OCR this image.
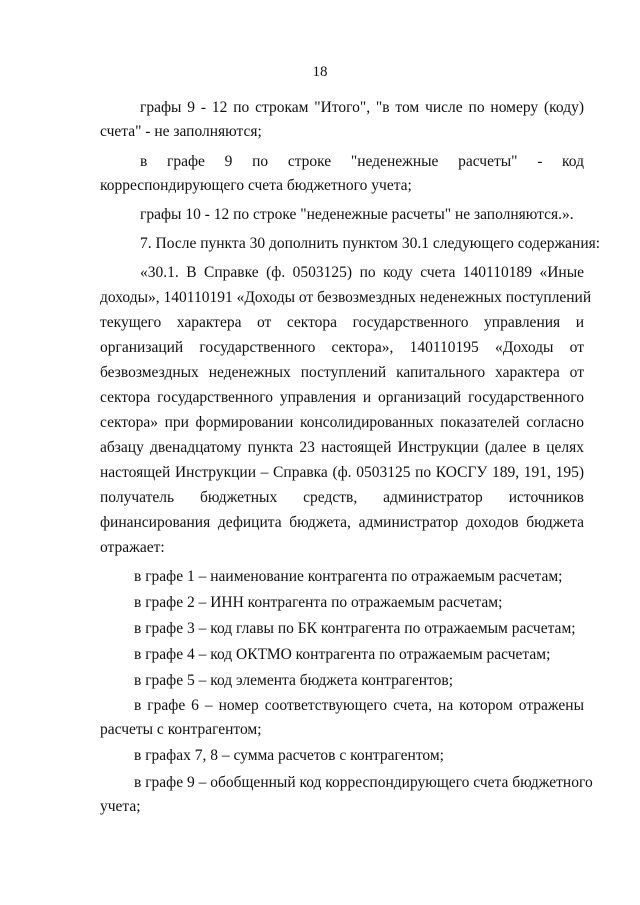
18
графы 9 - 12 по строкам "Итого", "в том числе по номеру (коду)
счета" - не заполняются;
в графе 9 по строке "неденежные расчеты" - код
корреспондирующего счета бюджетного учета;
графы 10 - 12 по строке "неденежные расчеты" не заполняются.».
7. После пункта 30 дополнить пунктом 30.1 следующего содержания:
«30.1. В Справке (ф. 0503125) по коду счета 140110189 «Иные
доходы», 140110191 «Доходы от безвозмездных неденежных поступлений
текущего характера от сектора государственного управления и
организаций государственного сектора», 140110195 «Доходы от
безвозмездных неденежных поступлений капитального характера от
сектора государственного управления и организаций государственного
сектора» при формировании консолидированных показателей согласно
абзацу двенадцатому пункта 23 настоящей Инструкции (далее в целях
настоящей Инструкции – Справка (ф. 0503125 по КОСГУ 189, 191, 195)
получатель бюджетных средств, администратор источников
финансирования дефицита бюджета, администратор доходов бюджета
отражает:
в графе 1 – наименование контрагента по отражаемым расчетам;
в графе 2 – ИНН контрагента по отражаемым расчетам;
в графе 3 – код главы по БК контрагента по отражаемым расчетам;
в графе 4 – код ОКТМО контрагента по отражаемым расчетам;
в графе 5 – код элемента бюджета контрагентов;
в графе 6 – номер соответствующего счета, на котором отражены
расчеты с контрагентом;
в графах 7, 8 – сумма расчетов с контрагентом;
в графе 9 – обобщенный код корреспондирующего счета бюджетного
учета;
